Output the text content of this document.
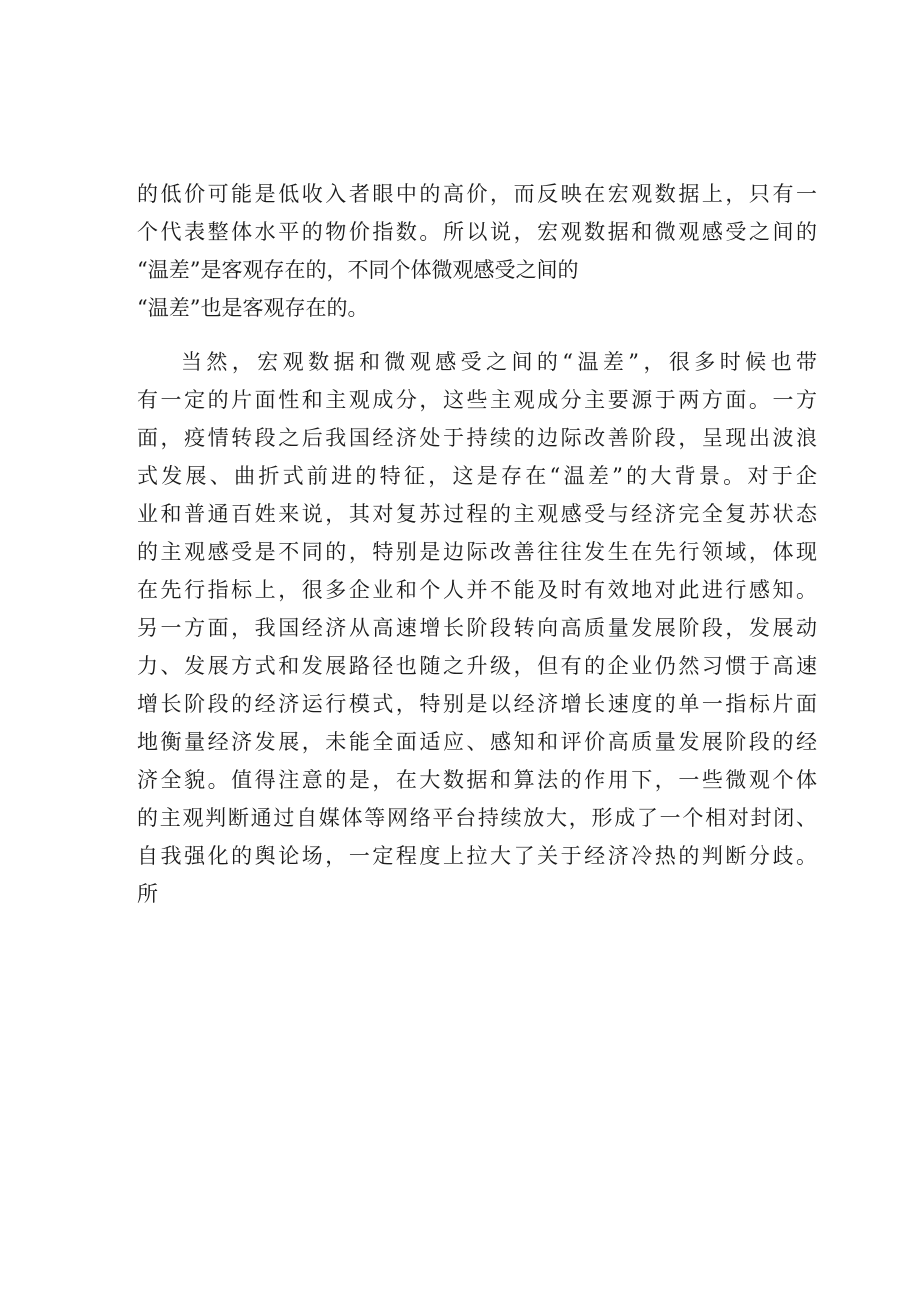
的低价可能是低收入者眼中的高价，而反映在宏观数据上，只有一
个代表整体水平的物价指数。所以说，宏观数据和微观感受之间的
“温差”是客观存在的，不同个体微观感受之间的
“温差”也是客观存在的。
当然，宏观数据和微观感受之间的“温差”，很多时候也带
有一定的片面性和主观成分，这些主观成分主要源于两方面。一方
面，疫情转段之后我国经济处于持续的边际改善阶段，呈现出波浪
式发展、曲折式前进的特征，这是存在“温差”的大背景。对于企
业和普通百姓来说，其对复苏过程的主观感受与经济完全复苏状态
的主观感受是不同的，特别是边际改善往往发生在先行领域，体现
在先行指标上，很多企业和个人并不能及时有效地对此进行感知。
另一方面，我国经济从高速增长阶段转向高质量发展阶段，发展动
力、发展方式和发展路径也随之升级，但有的企业仍然习惯于高速
增长阶段的经济运行模式，特别是以经济增长速度的单一指标片面
地衡量经济发展，未能全面适应、感知和评价高质量发展阶段的经
济全貌。值得注意的是，在大数据和算法的作用下，一些微观个体
的主观判断通过自媒体等网络平台持续放大，形成了一个相对封闭、
自我强化的舆论场，一定程度上拉大了关于经济冷热的判断分歧。
所
